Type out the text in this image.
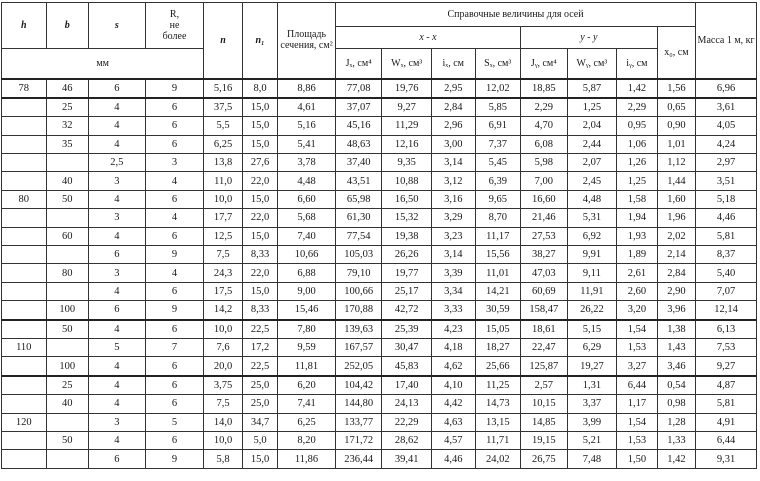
h	b	s	R,
не
более	n	n₁	Площадь сечения, см²	Справочные величины для осей								Масса 1 м, кг
							x - x				y - y			x₀, см	
мм							Jₓ, см⁴	Wₓ, см³	iₓ, см	Sₓ, см³	Jᵧ, см⁴	Wᵧ, см³	iᵧ, см		
78	46	6	9	5,16	8,0	8,86	77,08	19,76	2,95	12,02	18,85	5,87	1,42	1,56	6,96
	25	4	6	37,5	15,0	4,61	37,07	9,27	2,84	5,85	2,29	1,25	2,29	0,65	3,61
	32	4	6	5,5	15,0	5,16	45,16	11,29	2,96	6,91	4,70	2,04	0,95	0,90	4,05
	35	4	6	6,25	15,0	5,41	48,63	12,16	3,00	7,37	6,08	2,44	1,06	1,01	4,24
		2,5	3	13,8	27,6	3,78	37,40	9,35	3,14	5,45	5,98	2,07	1,26	1,12	2,97
	40	3	4	11,0	22,0	4,48	43,51	10,88	3,12	6,39	7,00	2,45	1,25	1,44	3,51
80	50	4	6	10,0	15,0	6,60	65,98	16,50	3,16	9,65	16,60	4,48	1,58	1,60	5,18
		3	4	17,7	22,0	5,68	61,30	15,32	3,29	8,70	21,46	5,31	1,94	1,96	4,46
	60	4	6	12,5	15,0	7,40	77,54	19,38	3,23	11,17	27,53	6,92	1,93	2,02	5,81
		6	9	7,5	8,33	10,66	105,03	26,26	3,14	15,56	38,27	9,91	1,89	2,14	8,37
	80	3	4	24,3	22,0	6,88	79,10	19,77	3,39	11,01	47,03	9,11	2,61	2,84	5,40
		4	6	17,5	15,0	9,00	100,66	25,17	3,34	14,21	60,69	11,91	2,60	2,90	7,07
	100	6	9	14,2	8,33	15,46	170,88	42,72	3,33	30,59	158,47	26,22	3,20	3,96	12,14
	50	4	6	10,0	22,5	7,80	139,63	25,39	4,23	15,05	18,61	5,15	1,54	1,38	6,13
110		5	7	7,6	17,2	9,59	167,57	30,47	4,18	18,27	22,47	6,29	1,53	1,43	7,53
	100	4	6	20,0	22,5	11,81	252,05	45,83	4,62	25,66	125,87	19,27	3,27	3,46	9,27
	25	4	6	3,75	25,0	6,20	104,42	17,40	4,10	11,25	2,57	1,31	6,44	0,54	4,87
	40	4	6	7,5	25,0	7,41	144,80	24,13	4,42	14,73	10,15	3,37	1,17	0,98	5,81
120		3	5	14,0	34,7	6,25	133,77	22,29	4,63	13,15	14,85	3,99	1,54	1,28	4,91
	50	4	6	10,0	5,0	8,20	171,72	28,62	4,57	11,71	19,15	5,21	1,53	1,33	6,44
		6	9	5,8	15,0	11,86	236,44	39,41	4,46	24,02	26,75	7,48	1,50	1,42	9,31
